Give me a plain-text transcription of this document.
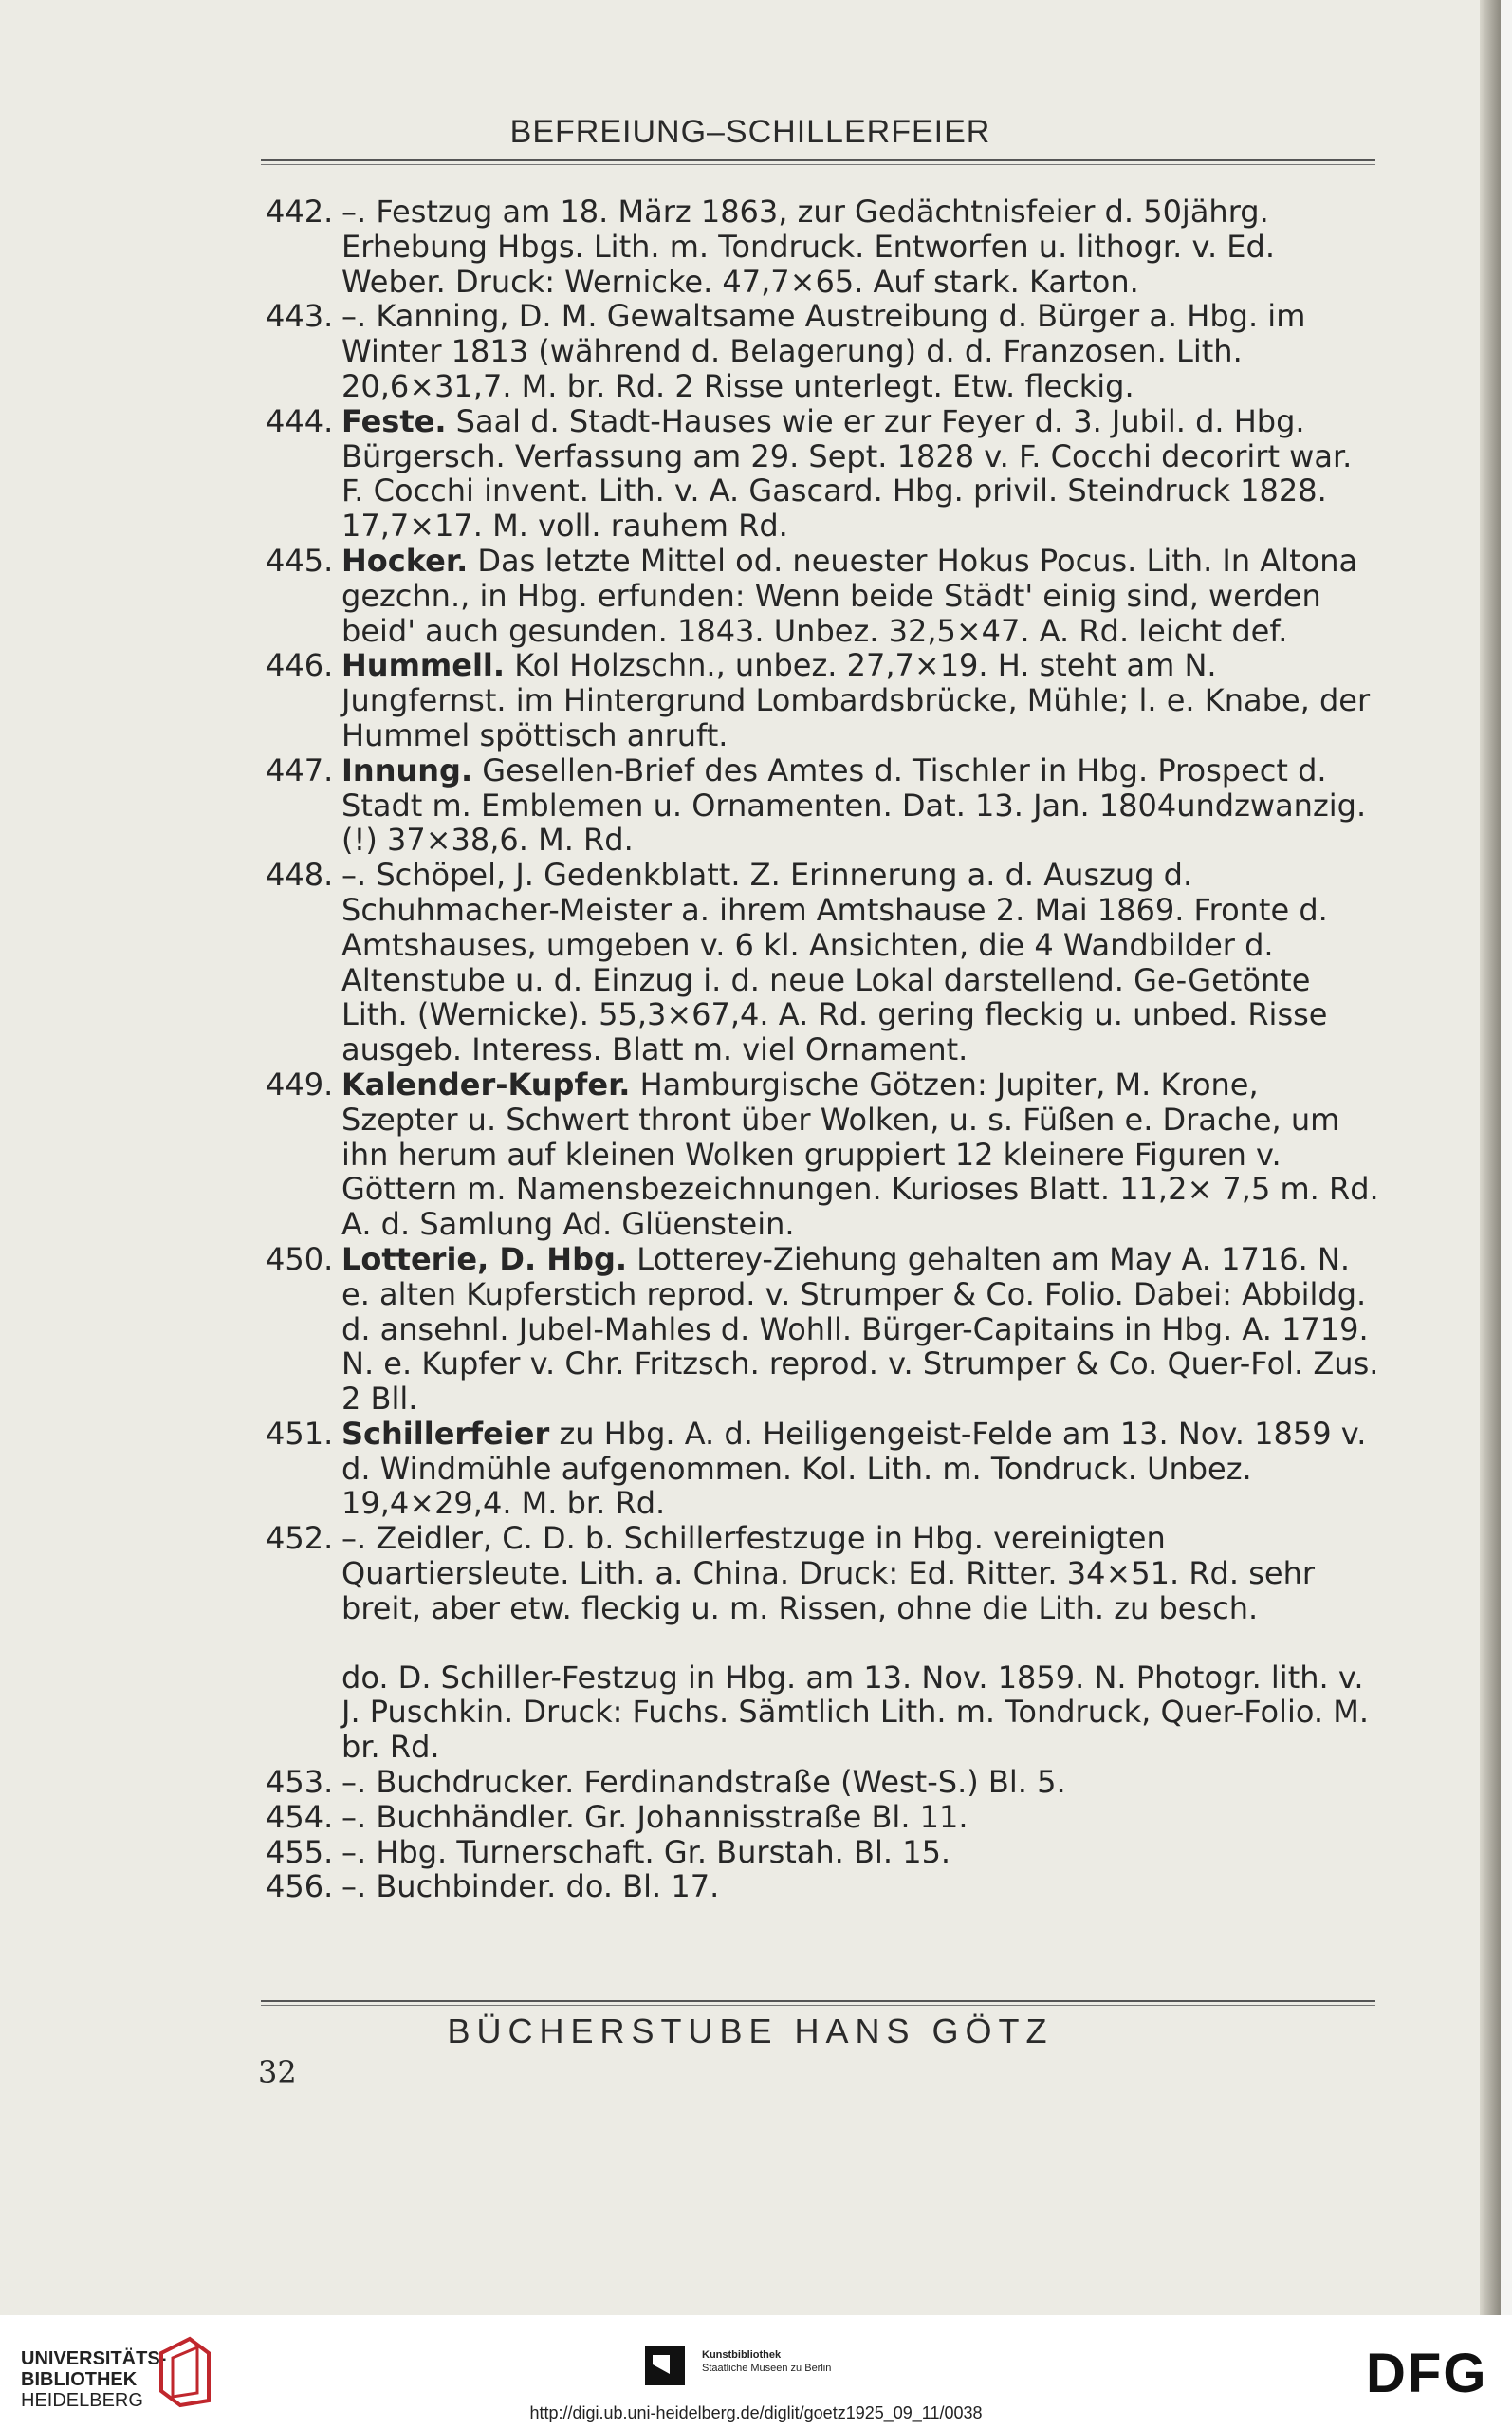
BEFREIUNG–SCHILLERFEIER
442. –. Festzug am 18. März 1863, zur Gedächtnisfeier d. 50jährg. Erhebung Hbgs. Lith. m. Tondruck. Entworfen u. lithogr. v. Ed. Weber. Druck: Wernicke. 47,7×65. Auf stark. Karton.
443. –. Kanning, D. M. Gewaltsame Austreibung d. Bürger a. Hbg. im Winter 1813 (während d. Belagerung) d. d. Franzosen. Lith. 20,6×31,7. M. br. Rd. 2 Risse unterlegt. Etw. fleckig.
444. Feste. Saal d. Stadt-Hauses wie er zur Feyer d. 3. Jubil. d. Hbg. Bürgersch. Verfassung am 29. Sept. 1828 v. F. Cocchi decorirt war. F. Cocchi invent. Lith. v. A. Gascard. Hbg. privil. Steindruck 1828. 17,7×17. M. voll. rauhem Rd.
445. Hocker. Das letzte Mittel od. neuester Hokus Pocus. Lith. In Altona gezchn., in Hbg. erfunden: Wenn beide Städt' einig sind, werden beid' auch gesunden. 1843. Unbez. 32,5×47. A. Rd. leicht def.
446. Hummell. Kol Holzschn., unbez. 27,7×19. H. steht am N. Jungfernst. im Hintergrund Lombardsbrücke, Mühle; l. e. Knabe, der Hummel spöttisch anruft.
447. Innung. Gesellen-Brief des Amtes d. Tischler in Hbg. Prospect d. Stadt m. Emblemen u. Ornamenten. Dat. 13. Jan. 1804undzwanzig. (!) 37×38,6. M. Rd.
448. –. Schöpel, J. Gedenkblatt. Z. Erinnerung a. d. Auszug d. Schuhmacher-Meister a. ihrem Amtshause 2. Mai 1869. Fronte d. Amtshauses, umgeben v. 6 kl. Ansichten, die 4 Wandbilder d. Altenstube u. d. Einzug i. d. neue Lokal darstellend. Ge-Getönte Lith. (Wernicke). 55,3×67,4. A. Rd. gering fleckig u. unbed. Risse ausgeb. Interess. Blatt m. viel Ornament.
449. Kalender-Kupfer. Hamburgische Götzen: Jupiter, M. Krone, Szepter u. Schwert thront über Wolken, u. s. Füßen e. Drache, um ihn herum auf kleinen Wolken gruppiert 12 kleinere Figuren v. Göttern m. Namensbezeichnungen. Kurioses Blatt. 11,2× 7,5 m. Rd. A. d. Samlung Ad. Glüenstein.
450. Lotterie, D. Hbg. Lotterey-Ziehung gehalten am May A. 1716. N. e. alten Kupferstich reprod. v. Strumper & Co. Folio. Dabei: Abbildg. d. ansehnl. Jubel-Mahles d. Wohll. Bürger-Capitains in Hbg. A. 1719. N. e. Kupfer v. Chr. Fritzsch. reprod. v. Strumper & Co. Quer-Fol. Zus. 2 Bll.
451. Schillerfeier zu Hbg. A. d. Heiligengeist-Felde am 13. Nov. 1859 v. d. Windmühle aufgenommen. Kol. Lith. m. Tondruck. Unbez. 19,4×29,4. M. br. Rd.
452. –. Zeidler, C. D. b. Schillerfestzuge in Hbg. vereinigten Quartiersleute. Lith. a. China. Druck: Ed. Ritter. 34×51. Rd. sehr breit, aber etw. fleckig u. m. Rissen, ohne die Lith. zu besch.
do. D. Schiller-Festzug in Hbg. am 13. Nov. 1859. N. Photogr. lith. v. J. Puschkin. Druck: Fuchs. Sämtlich Lith. m. Tondruck, Quer-Folio. M. br. Rd.
453. –. Buchdrucker. Ferdinandstraße (West-S.) Bl. 5.
454. –. Buchhändler. Gr. Johannisstraße Bl. 11.
455. –. Hbg. Turnerschaft. Gr. Burstah. Bl. 15.
456. –. Buchbinder. do. Bl. 17.
BÜCHERSTUBE HANS GÖTZ
32
UNIVERSITÄTS-
BIBLIOTHEK
HEIDELBERG
Kunstbibliothek
Staatliche Museen zu Berlin	DFG
http://digi.ub.uni-heidelberg.de/diglit/goetz1925_09_11/0038
